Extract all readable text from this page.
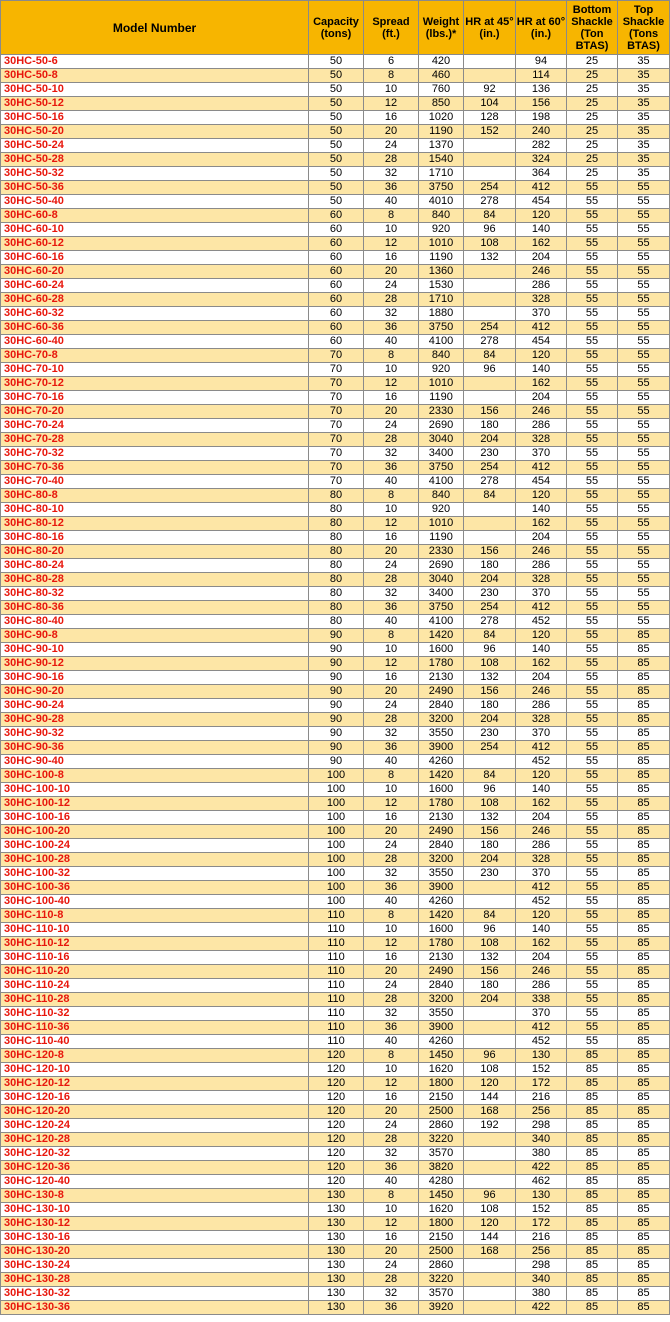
Model Number	Capacity (tons)	Spread (ft.)	Weight (lbs.)*	HR at 45° (in.)	HR at 60° (in.)	Bottom Shackle (Ton BTAS)	Top Shackle (Tons BTAS)
30HC-50-6	50	6	420		94	25	35
30HC-50-8	50	8	460		114	25	35
30HC-50-10	50	10	760	92	136	25	35
30HC-50-12	50	12	850	104	156	25	35
30HC-50-16	50	16	1020	128	198	25	35
30HC-50-20	50	20	1190	152	240	25	35
30HC-50-24	50	24	1370		282	25	35
30HC-50-28	50	28	1540		324	25	35
30HC-50-32	50	32	1710		364	25	35
30HC-50-36	50	36	3750	254	412	55	55
30HC-50-40	50	40	4010	278	454	55	55
30HC-60-8	60	8	840	84	120	55	55
30HC-60-10	60	10	920	96	140	55	55
30HC-60-12	60	12	1010	108	162	55	55
30HC-60-16	60	16	1190	132	204	55	55
30HC-60-20	60	20	1360		246	55	55
30HC-60-24	60	24	1530		286	55	55
30HC-60-28	60	28	1710		328	55	55
30HC-60-32	60	32	1880		370	55	55
30HC-60-36	60	36	3750	254	412	55	55
30HC-60-40	60	40	4100	278	454	55	55
30HC-70-8	70	8	840	84	120	55	55
30HC-70-10	70	10	920	96	140	55	55
30HC-70-12	70	12	1010		162	55	55
30HC-70-16	70	16	1190		204	55	55
30HC-70-20	70	20	2330	156	246	55	55
30HC-70-24	70	24	2690	180	286	55	55
30HC-70-28	70	28	3040	204	328	55	55
30HC-70-32	70	32	3400	230	370	55	55
30HC-70-36	70	36	3750	254	412	55	55
30HC-70-40	70	40	4100	278	454	55	55
30HC-80-8	80	8	840	84	120	55	55
30HC-80-10	80	10	920		140	55	55
30HC-80-12	80	12	1010		162	55	55
30HC-80-16	80	16	1190		204	55	55
30HC-80-20	80	20	2330	156	246	55	55
30HC-80-24	80	24	2690	180	286	55	55
30HC-80-28	80	28	3040	204	328	55	55
30HC-80-32	80	32	3400	230	370	55	55
30HC-80-36	80	36	3750	254	412	55	55
30HC-80-40	80	40	4100	278	452	55	55
30HC-90-8	90	8	1420	84	120	55	85
30HC-90-10	90	10	1600	96	140	55	85
30HC-90-12	90	12	1780	108	162	55	85
30HC-90-16	90	16	2130	132	204	55	85
30HC-90-20	90	20	2490	156	246	55	85
30HC-90-24	90	24	2840	180	286	55	85
30HC-90-28	90	28	3200	204	328	55	85
30HC-90-32	90	32	3550	230	370	55	85
30HC-90-36	90	36	3900	254	412	55	85
30HC-90-40	90	40	4260		452	55	85
30HC-100-8	100	8	1420	84	120	55	85
30HC-100-10	100	10	1600	96	140	55	85
30HC-100-12	100	12	1780	108	162	55	85
30HC-100-16	100	16	2130	132	204	55	85
30HC-100-20	100	20	2490	156	246	55	85
30HC-100-24	100	24	2840	180	286	55	85
30HC-100-28	100	28	3200	204	328	55	85
30HC-100-32	100	32	3550	230	370	55	85
30HC-100-36	100	36	3900		412	55	85
30HC-100-40	100	40	4260		452	55	85
30HC-110-8	110	8	1420	84	120	55	85
30HC-110-10	110	10	1600	96	140	55	85
30HC-110-12	110	12	1780	108	162	55	85
30HC-110-16	110	16	2130	132	204	55	85
30HC-110-20	110	20	2490	156	246	55	85
30HC-110-24	110	24	2840	180	286	55	85
30HC-110-28	110	28	3200	204	338	55	85
30HC-110-32	110	32	3550		370	55	85
30HC-110-36	110	36	3900		412	55	85
30HC-110-40	110	40	4260		452	55	85
30HC-120-8	120	8	1450	96	130	85	85
30HC-120-10	120	10	1620	108	152	85	85
30HC-120-12	120	12	1800	120	172	85	85
30HC-120-16	120	16	2150	144	216	85	85
30HC-120-20	120	20	2500	168	256	85	85
30HC-120-24	120	24	2860	192	298	85	85
30HC-120-28	120	28	3220		340	85	85
30HC-120-32	120	32	3570		380	85	85
30HC-120-36	120	36	3820		422	85	85
30HC-120-40	120	40	4280		462	85	85
30HC-130-8	130	8	1450	96	130	85	85
30HC-130-10	130	10	1620	108	152	85	85
30HC-130-12	130	12	1800	120	172	85	85
30HC-130-16	130	16	2150	144	216	85	85
30HC-130-20	130	20	2500	168	256	85	85
30HC-130-24	130	24	2860		298	85	85
30HC-130-28	130	28	3220		340	85	85
30HC-130-32	130	32	3570		380	85	85
30HC-130-36	130	36	3920		422	85	85
